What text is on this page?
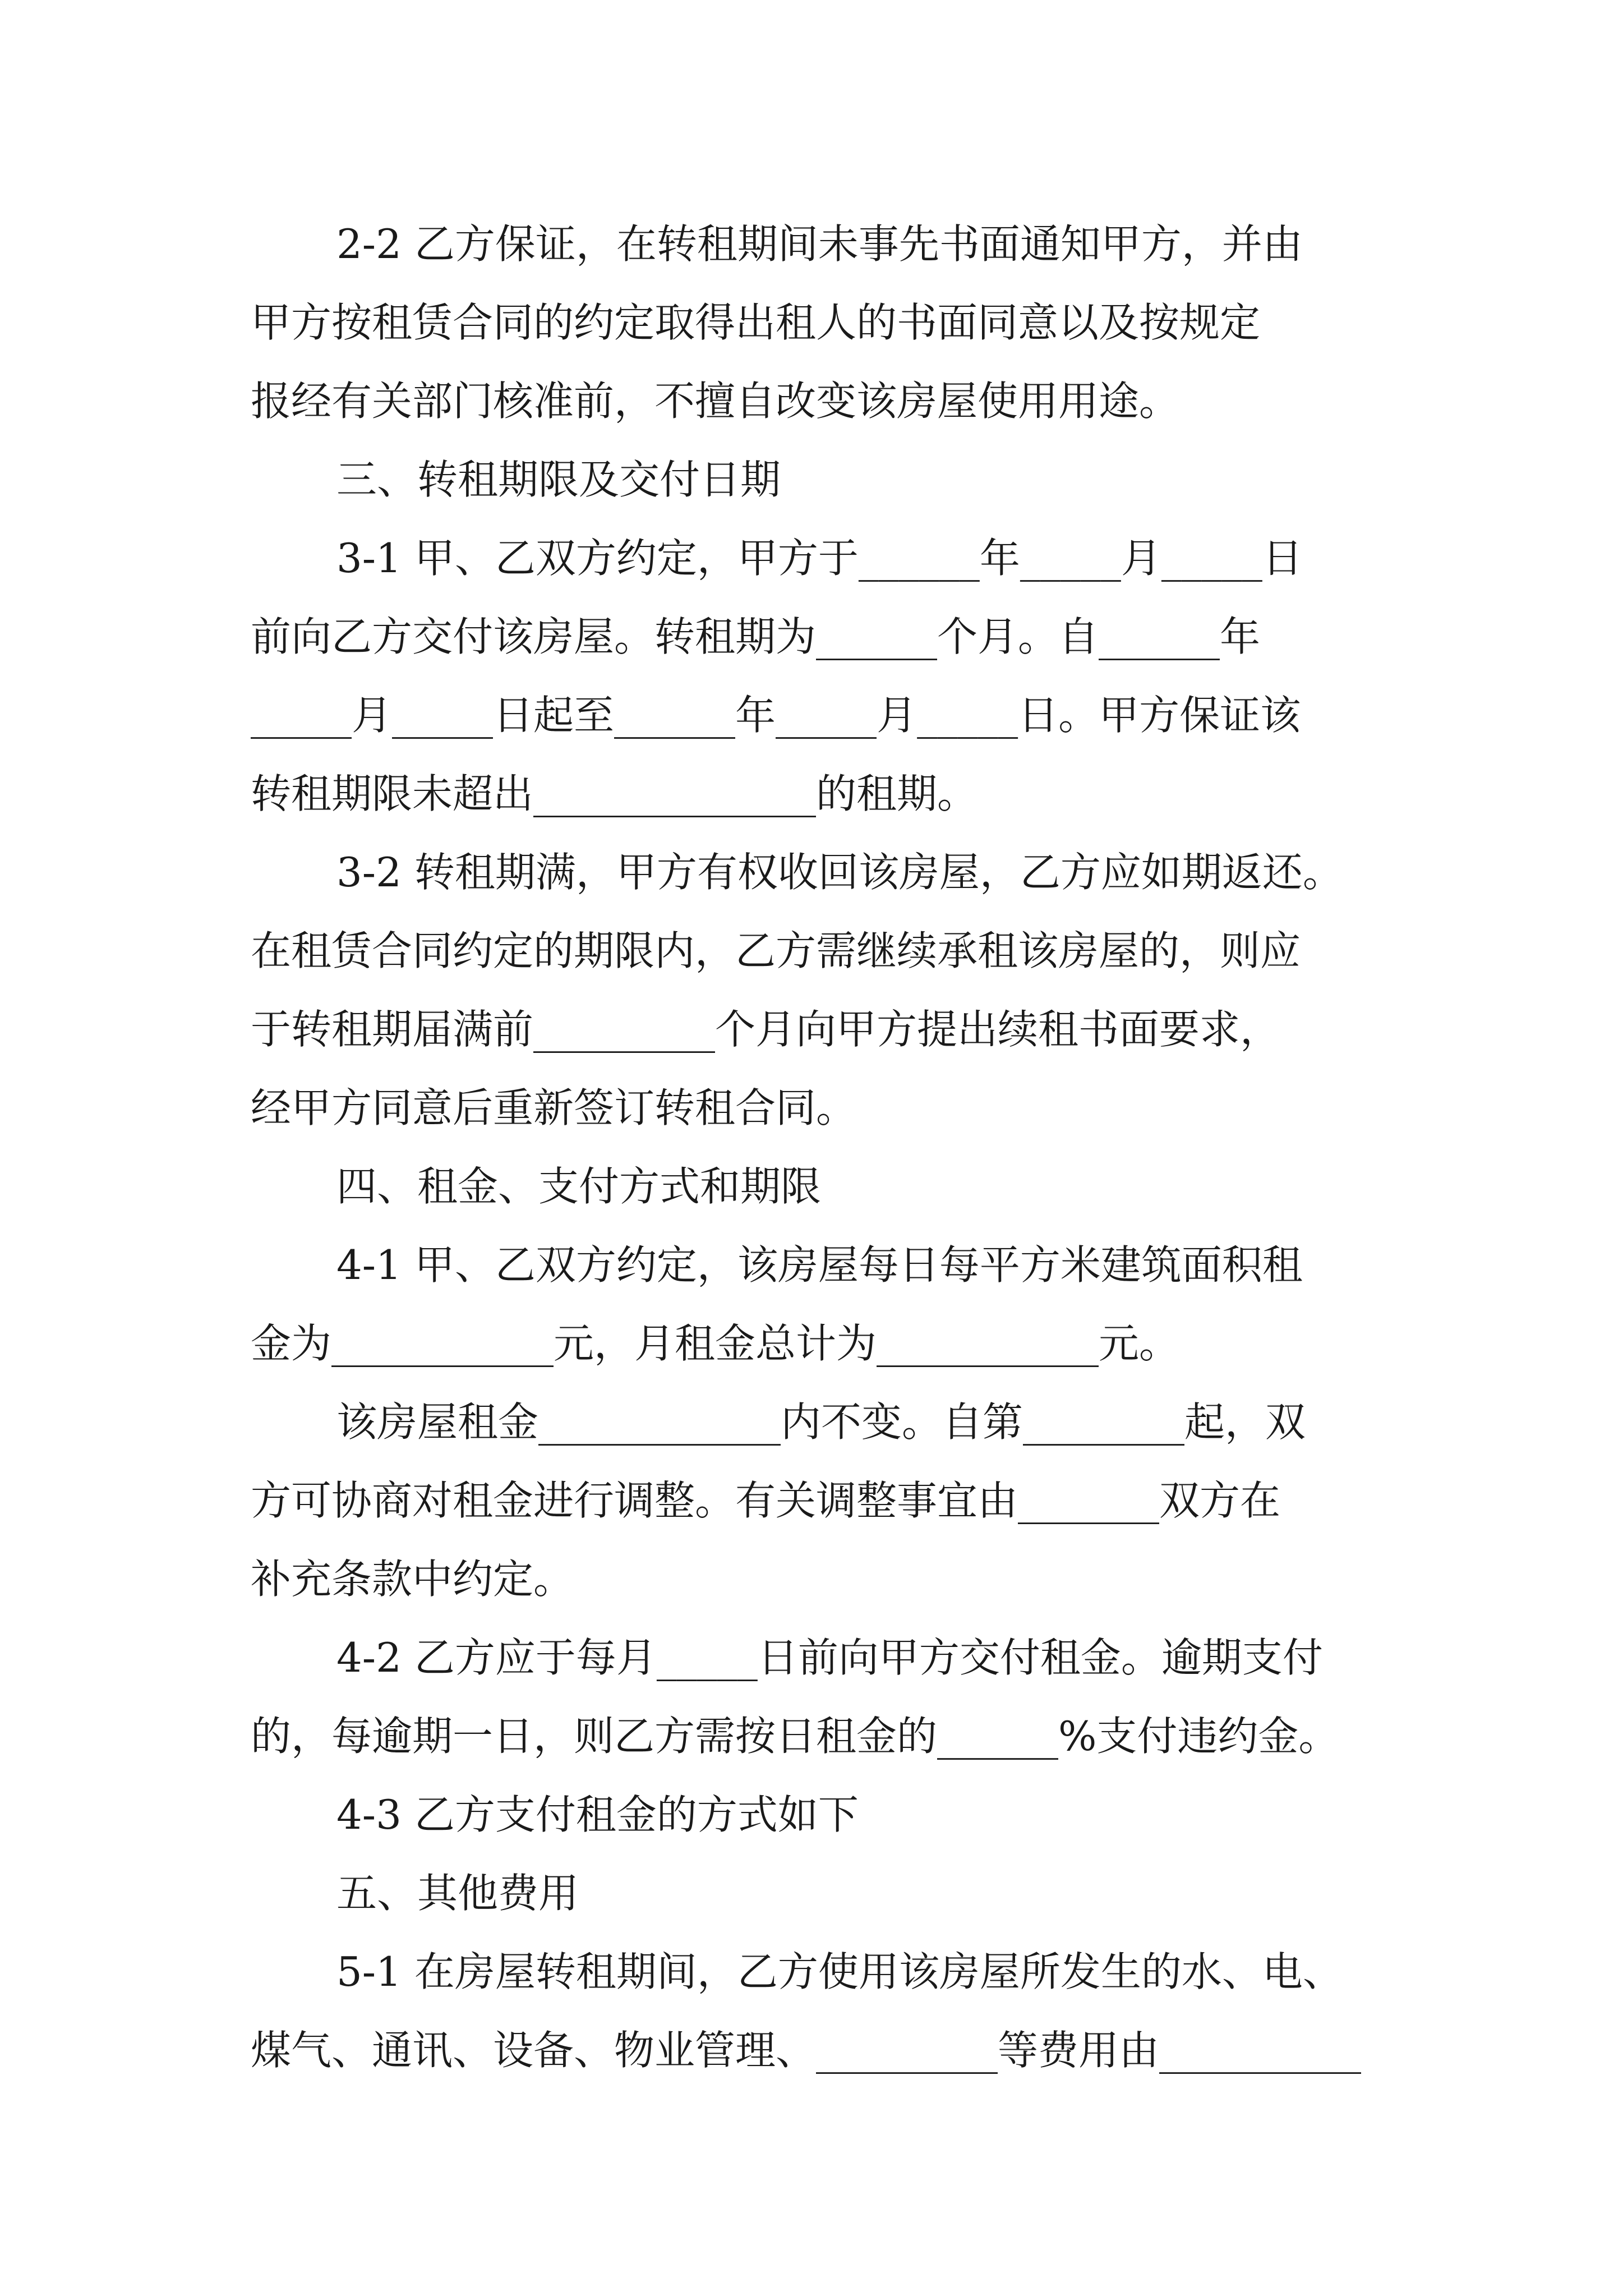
2-2 乙方保证，在转租期间未事先书面通知甲方，并由
甲方按租赁合同的约定取得出租人的书面同意以及按规定
报经有关部门核准前，不擅自改变该房屋使用用途。
三、转租期限及交付日期
3-1 甲、乙双方约定，甲方于______年_____月_____日
前向乙方交付该房屋。转租期为______个月。自______年
_____月_____日起至______年_____月_____日。甲方保证该
转租期限未超出______________的租期。
3-2 转租期满，甲方有权收回该房屋，乙方应如期返还。
在租赁合同约定的期限内，乙方需继续承租该房屋的，则应
于转租期届满前_________个月向甲方提出续租书面要求，
经甲方同意后重新签订转租合同。
四、租金、支付方式和期限
4-1 甲、乙双方约定，该房屋每日每平方米建筑面积租
金为___________元，月租金总计为___________元。
该房屋租金____________内不变。自第________起，双
方可协商对租金进行调整。有关调整事宜由_______双方在
补充条款中约定。
4-2 乙方应于每月_____日前向甲方交付租金。逾期支付
的，每逾期一日，则乙方需按日租金的______%支付违约金。
4-3 乙方支付租金的方式如下
五、其他费用
5-1 在房屋转租期间，乙方使用该房屋所发生的水、电、
煤气、通讯、设备、物业管理、_________等费用由__________
